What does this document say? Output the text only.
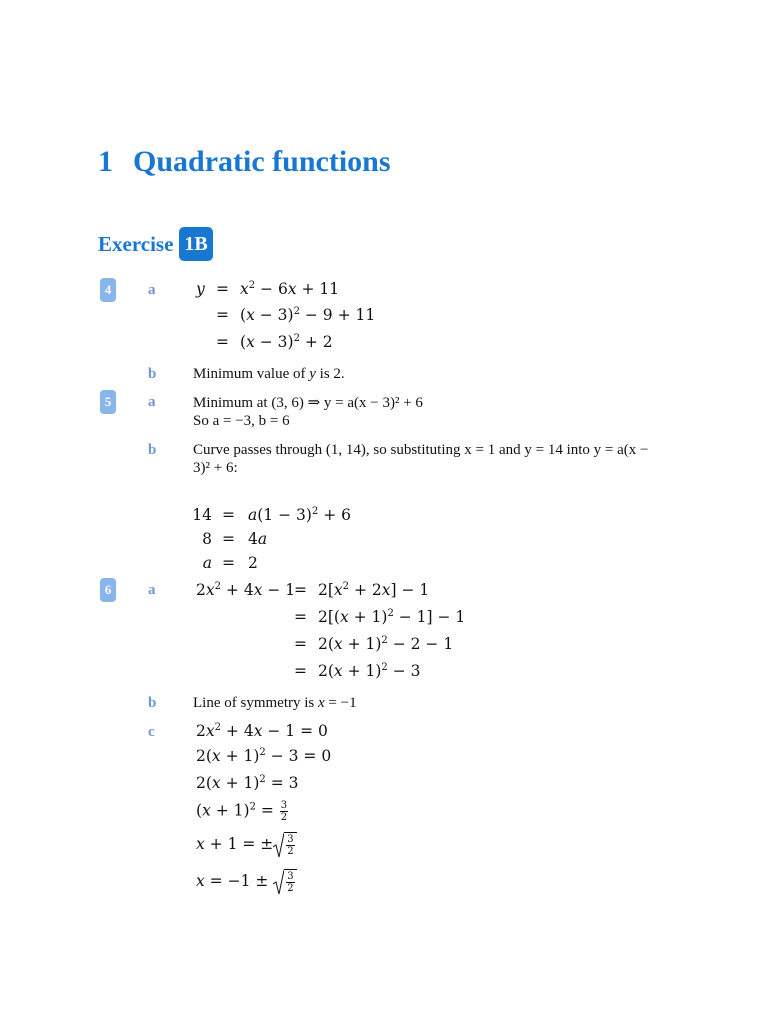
1 Quadratic functions
Exercise 1B
4	a	$y = x^2 - 6x + 11$
= $(x - 3)^2 - 9 + 11$
= $(x - 3)^2 + 2$
b Minimum value of y is 2.
5	a	Minimum at (3, 6) ⇒ y = a(x − 3)² + 6
So a = −3, b = 6
b Curve passes through (1, 14), so substituting x = 1 and y = 14 into y = a(x −
3)² + 6:
$14 = a(1 - 3)^2 + 6$
8 = 4a
a = 2
6	a	$2x^2 + 4x - 1$
= $2[x^2 + 2x] - 1$
= $2[(x + 1)^2 - 1] - 1$
= $2(x + 1)^2 - 2 - 1$
= $2(x + 1)^2 - 3$
b Line of symmetry is x = −1
c	$2x^2 + 4x - 1 = 0$
$2(x + 1)^2 - 3 = 0$
$2(x + 1)^2 = 3$
$(x + 1)^2 = \frac{3}{2}$
x + 1 = ± $\frac{3}{2}$
$x = -1 \pm \frac{3}{2}$
